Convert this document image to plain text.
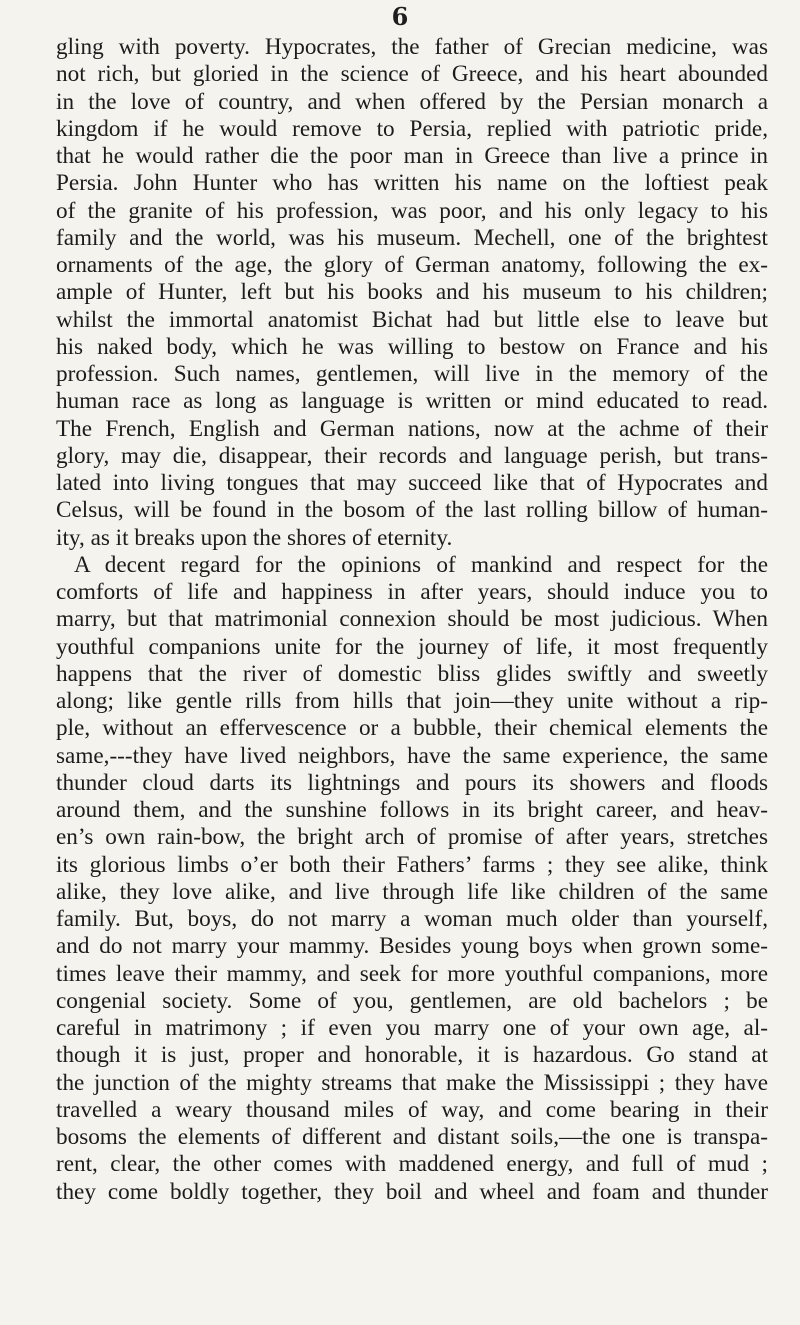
6
gling with poverty. Hypocrates, the father of Grecian medicine, was
not rich, but gloried in the science of Greece, and his heart abounded
in the love of country, and when offered by the Persian monarch a
kingdom if he would remove to Persia, replied with patriotic pride,
that he would rather die the poor man in Greece than live a prince in
Persia. John Hunter who has written his name on the loftiest peak
of the granite of his profession, was poor, and his only legacy to his
family and the world, was his museum. Mechell, one of the brightest
ornaments of the age, the glory of German anatomy, following the ex-
ample of Hunter, left but his books and his museum to his children;
whilst the immortal anatomist Bichat had but little else to leave but
his naked body, which he was willing to bestow on France and his
profession. Such names, gentlemen, will live in the memory of the
human race as long as language is written or mind educated to read.
The French, English and German nations, now at the achme of their
glory, may die, disappear, their records and language perish, but trans-
lated into living tongues that may succeed like that of Hypocrates and
Celsus, will be found in the bosom of the last rolling billow of human-
ity, as it breaks upon the shores of eternity.
A decent regard for the opinions of mankind and respect for the
comforts of life and happiness in after years, should induce you to
marry, but that matrimonial connexion should be most judicious. When
youthful companions unite for the journey of life, it most frequently
happens that the river of domestic bliss glides swiftly and sweetly
along; like gentle rills from hills that join—they unite without a rip-
ple, without an effervescence or a bubble, their chemical elements the
same,---they have lived neighbors, have the same experience, the same
thunder cloud darts its lightnings and pours its showers and floods
around them, and the sunshine follows in its bright career, and heav-
en’s own rain-bow, the bright arch of promise of after years, stretches
its glorious limbs o’er both their Fathers’ farms ; they see alike, think
alike, they love alike, and live through life like children of the same
family. But, boys, do not marry a woman much older than yourself,
and do not marry your mammy. Besides young boys when grown some-
times leave their mammy, and seek for more youthful companions, more
congenial society. Some of you, gentlemen, are old bachelors ; be
careful in matrimony ; if even you marry one of your own age, al-
though it is just, proper and honorable, it is hazardous. Go stand at
the junction of the mighty streams that make the Mississippi ; they have
travelled a weary thousand miles of way, and come bearing in their
bosoms the elements of different and distant soils,—the one is transpa-
rent, clear, the other comes with maddened energy, and full of mud ;
they come boldly together, they boil and wheel and foam and thunder
